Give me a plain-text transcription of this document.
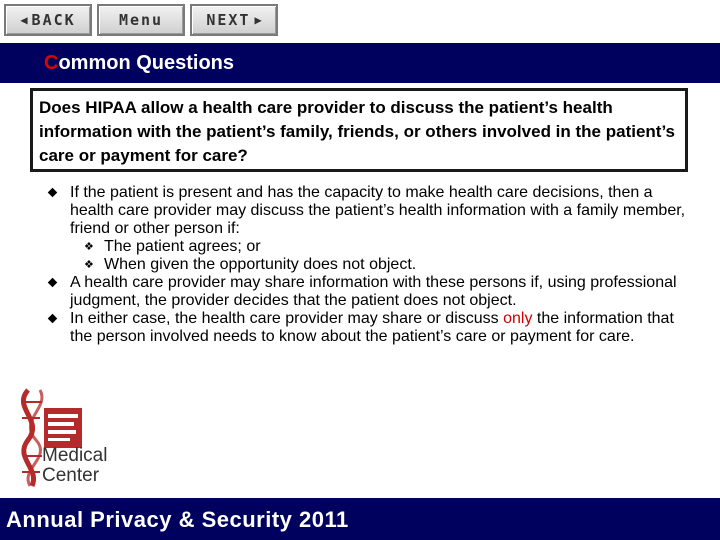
◀ BACK	Menu	NEXT ▶
Common Questions
Does HIPAA allow a health care provider to discuss the patient’s health information with the patient’s family, friends, or others involved in the patient’s care or payment for care?
If the patient is present and has the capacity to make health care decisions, then a health care provider may discuss the patient’s health information with a family member, friend or other person if:
❖ The patient agrees; or
❖ When given the opportunity does not object.
A health care provider may share information with these persons if, using professional judgment, the provider decides that the patient does not object.
In either case, the health care provider may share or discuss only the information that the person involved needs to know about the patient’s care or payment for care.
Medical
Center
Annual Privacy & Security 2011
